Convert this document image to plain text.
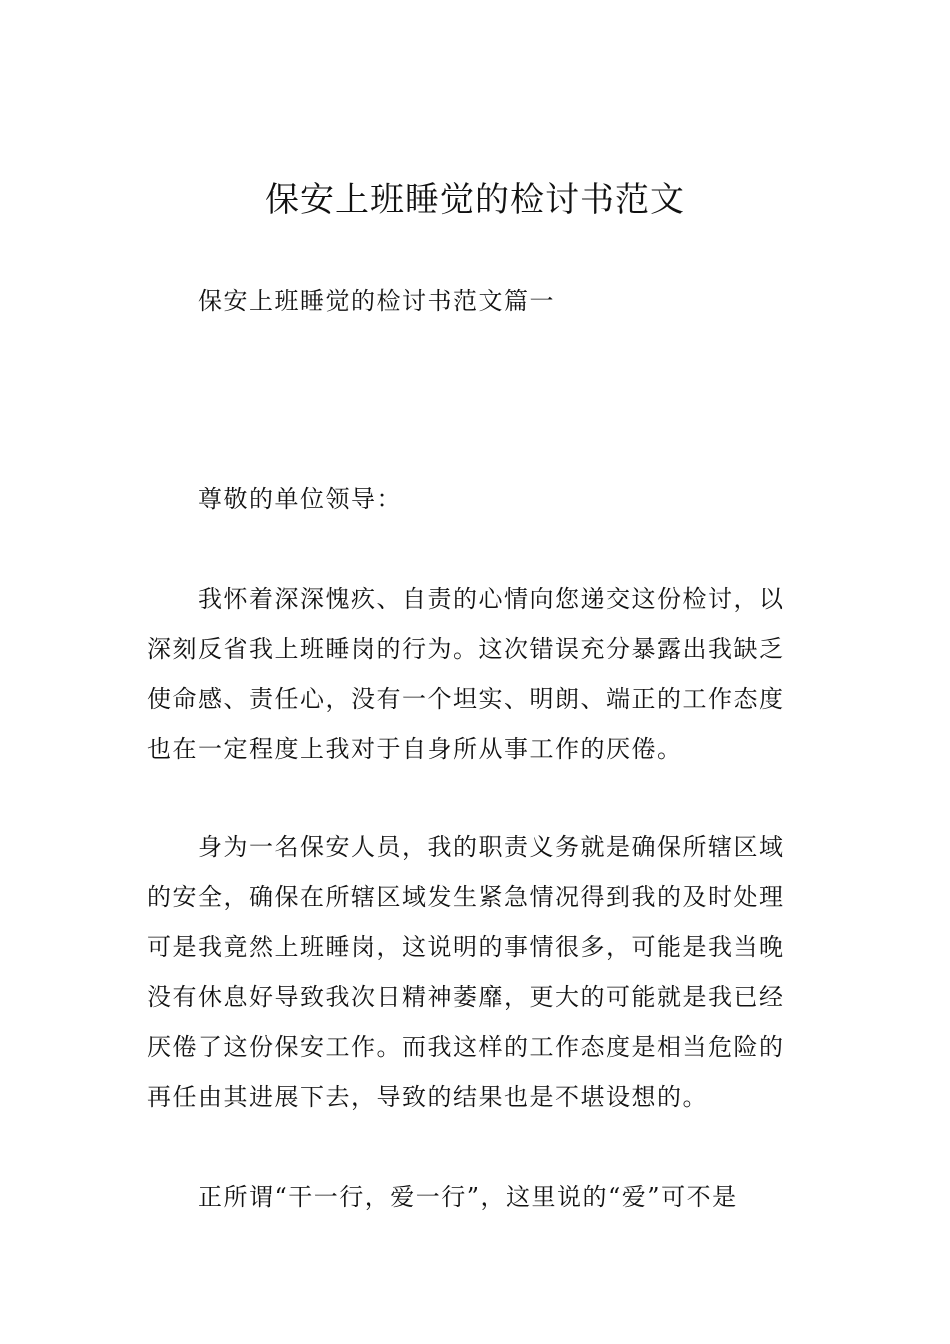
保安上班睡觉的检讨书范文
保安上班睡觉的检讨书范文篇一
尊敬的单位领导：
我怀着深深愧疚、自责的心情向您递交这份检讨，以
深刻反省我上班睡岗的行为。这次错误充分暴露出我缺乏
使命感、责任心，没有一个坦实、明朗、端正的工作态度
也在一定程度上我对于自身所从事工作的厌倦。
身为一名保安人员，我的职责义务就是确保所辖区域
的安全，确保在所辖区域发生紧急情况得到我的及时处理
可是我竟然上班睡岗，这说明的事情很多，可能是我当晚
没有休息好导致我次日精神萎靡，更大的可能就是我已经
厌倦了这份保安工作。而我这样的工作态度是相当危险的
再任由其进展下去，导致的结果也是不堪设想的。
正所谓“干一行，爱一行”，这里说的“爱”可不是
